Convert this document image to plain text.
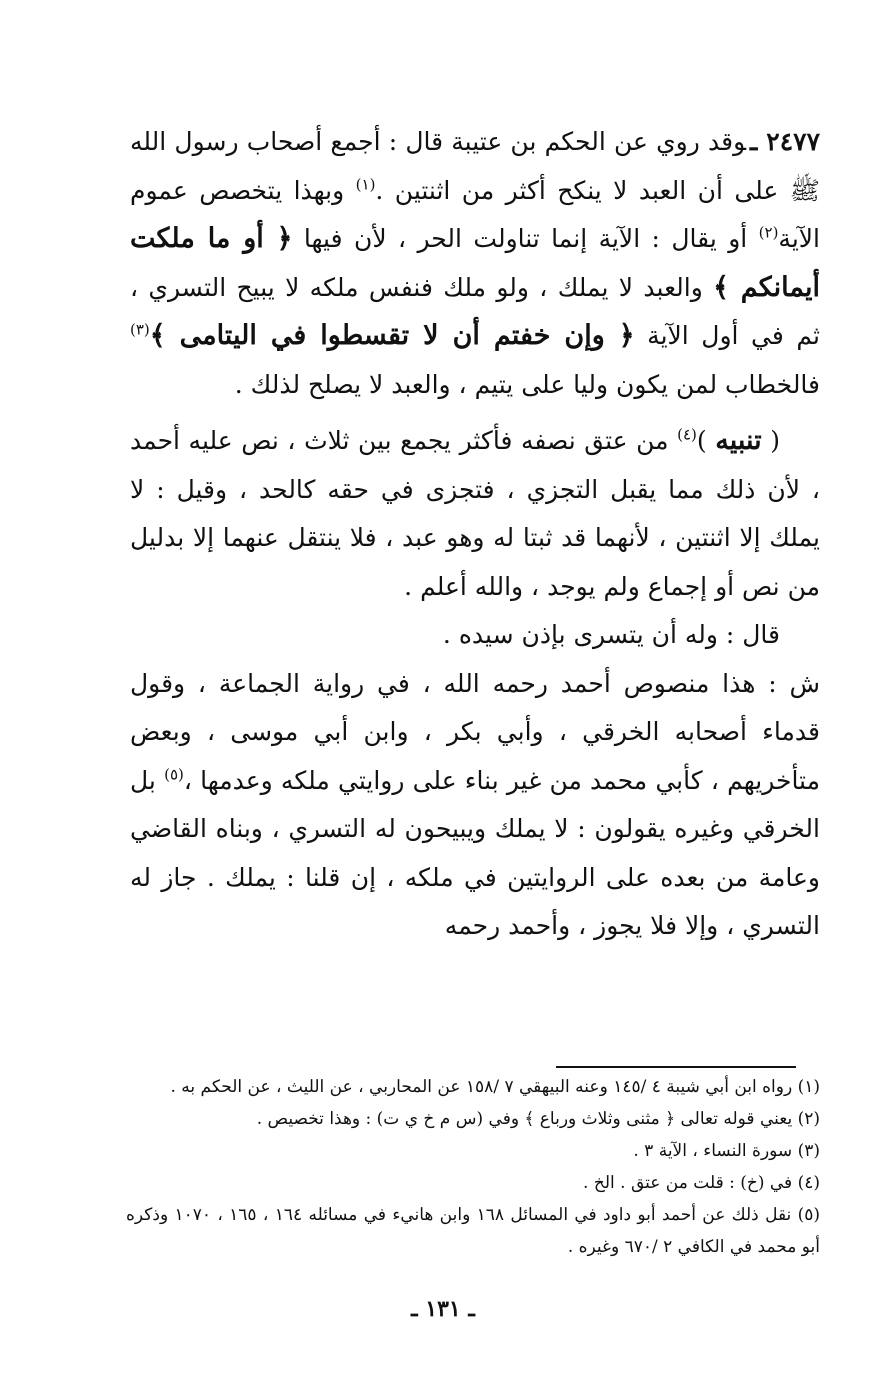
٢٤٧٧ ـوقد روي عن الحكم بن عتيبة قال : أجمع أصحاب رسول الله ﷺ على أن العبد لا ينكح أكثر من اثنتين .$^{(١)}$ وبهذا يتخصص عموم الآية$^{(٢)}$ أو يقال : الآية إنما تناولت الحر ، لأن فيها ﴿ أو ما ملكت أيمانكم ﴾ والعبد لا يملك ، ولو ملك فنفس ملكه لا يبيح التسري ، ثم في أول الآية ﴿ وإن خفتم أن لا تقسطوا في اليتامى ﴾$^{(٣)}$ فالخطاب لمن يكون وليا على يتيم ، والعبد لا يصلح لذلك .

( تنبيه )$^{(٤)}$ من عتق نصفه فأكثر يجمع بين ثلاث ، نص عليه أحمد ، لأن ذلك مما يقبل التجزي ، فتجزى في حقه كالحد ، وقيل : لا يملك إلا اثنتين ، لأنهما قد ثبتا له وهو عبد ، فلا ينتقل عنهما إلا بدليل من نص أو إجماع ولم يوجد ، والله أعلم .

قال : وله أن يتسرى بإذن سيده .

ش : هذا منصوص أحمد رحمه الله ، في رواية الجماعة ، وقول قدماء أصحابه الخرقي ، وأبي بكر ، وابن أبي موسى ، وبعض متأخريهم ، كأبي محمد من غير بناء على روايتي ملكه وعدمها ،$^{(٥)}$ بل الخرقي وغيره يقولون : لا يملك ويبيحون له التسري ، وبناه القاضي وعامة من بعده على الروايتين في ملكه ، إن قلنا : يملك . جاز له التسري ، وإلا فلا يجوز ، وأحمد رحمه

(١) رواه ابن أبي شيبة ٤ /١٤٥ وعنه البيهقي ٧ /١٥٨ عن المحاربي ، عن الليث ، عن الحكم به .

(٢) يعني قوله تعالى ﴿ مثنى وثلاث ورباع ﴾ وفي (س م خ ي ت) : وهذا تخصيص .

(٣) سورة النساء ، الآية ٣ .

(٤) في (خ) : قلت من عتق . الخ .

(٥) نقل ذلك عن أحمد أبو داود في المسائل ١٦٨ وابن هانيء في مسائله ١٦٤ ، ١٦٥ ، ١٠٧٠ وذكره أبو محمد في الكافي ٢ /٦٧٠ وغيره .

ـ ١٣١ ـ
